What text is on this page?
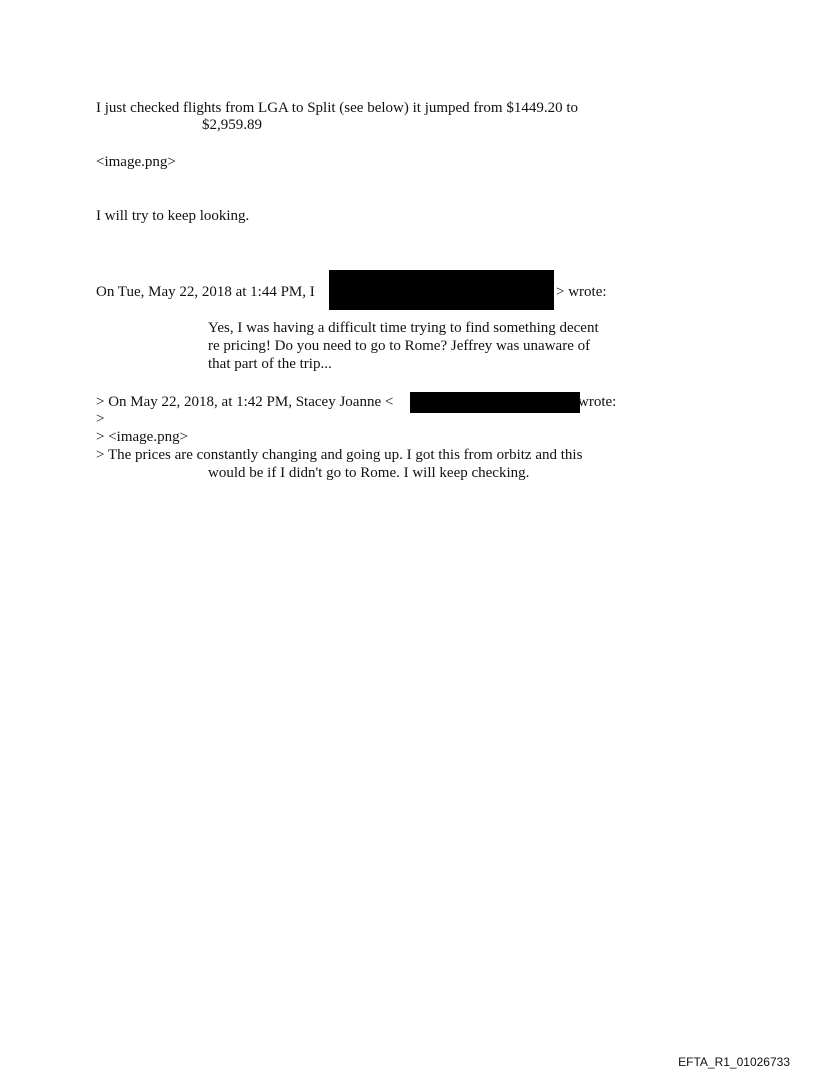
I just checked flights from LGA to Split (see below) it jumped from $1449.20 to
$2,959.89
<image.png>
I will try to keep looking.
On Tue, May 22, 2018 at 1:44 PM, I	> wrote:
Yes, I was having a difficult time trying to find something decent
re pricing! Do you need to go to Rome? Jeffrey was unaware of
that part of the trip...
> On May 22, 2018, at 1:42 PM, Stacey Joanne <	wrote:
>
> <image.png>
> The prices are constantly changing and going up. I got this from orbitz and this
would be if I didn't go to Rome. I will keep checking.
EFTA_R1_01026733
